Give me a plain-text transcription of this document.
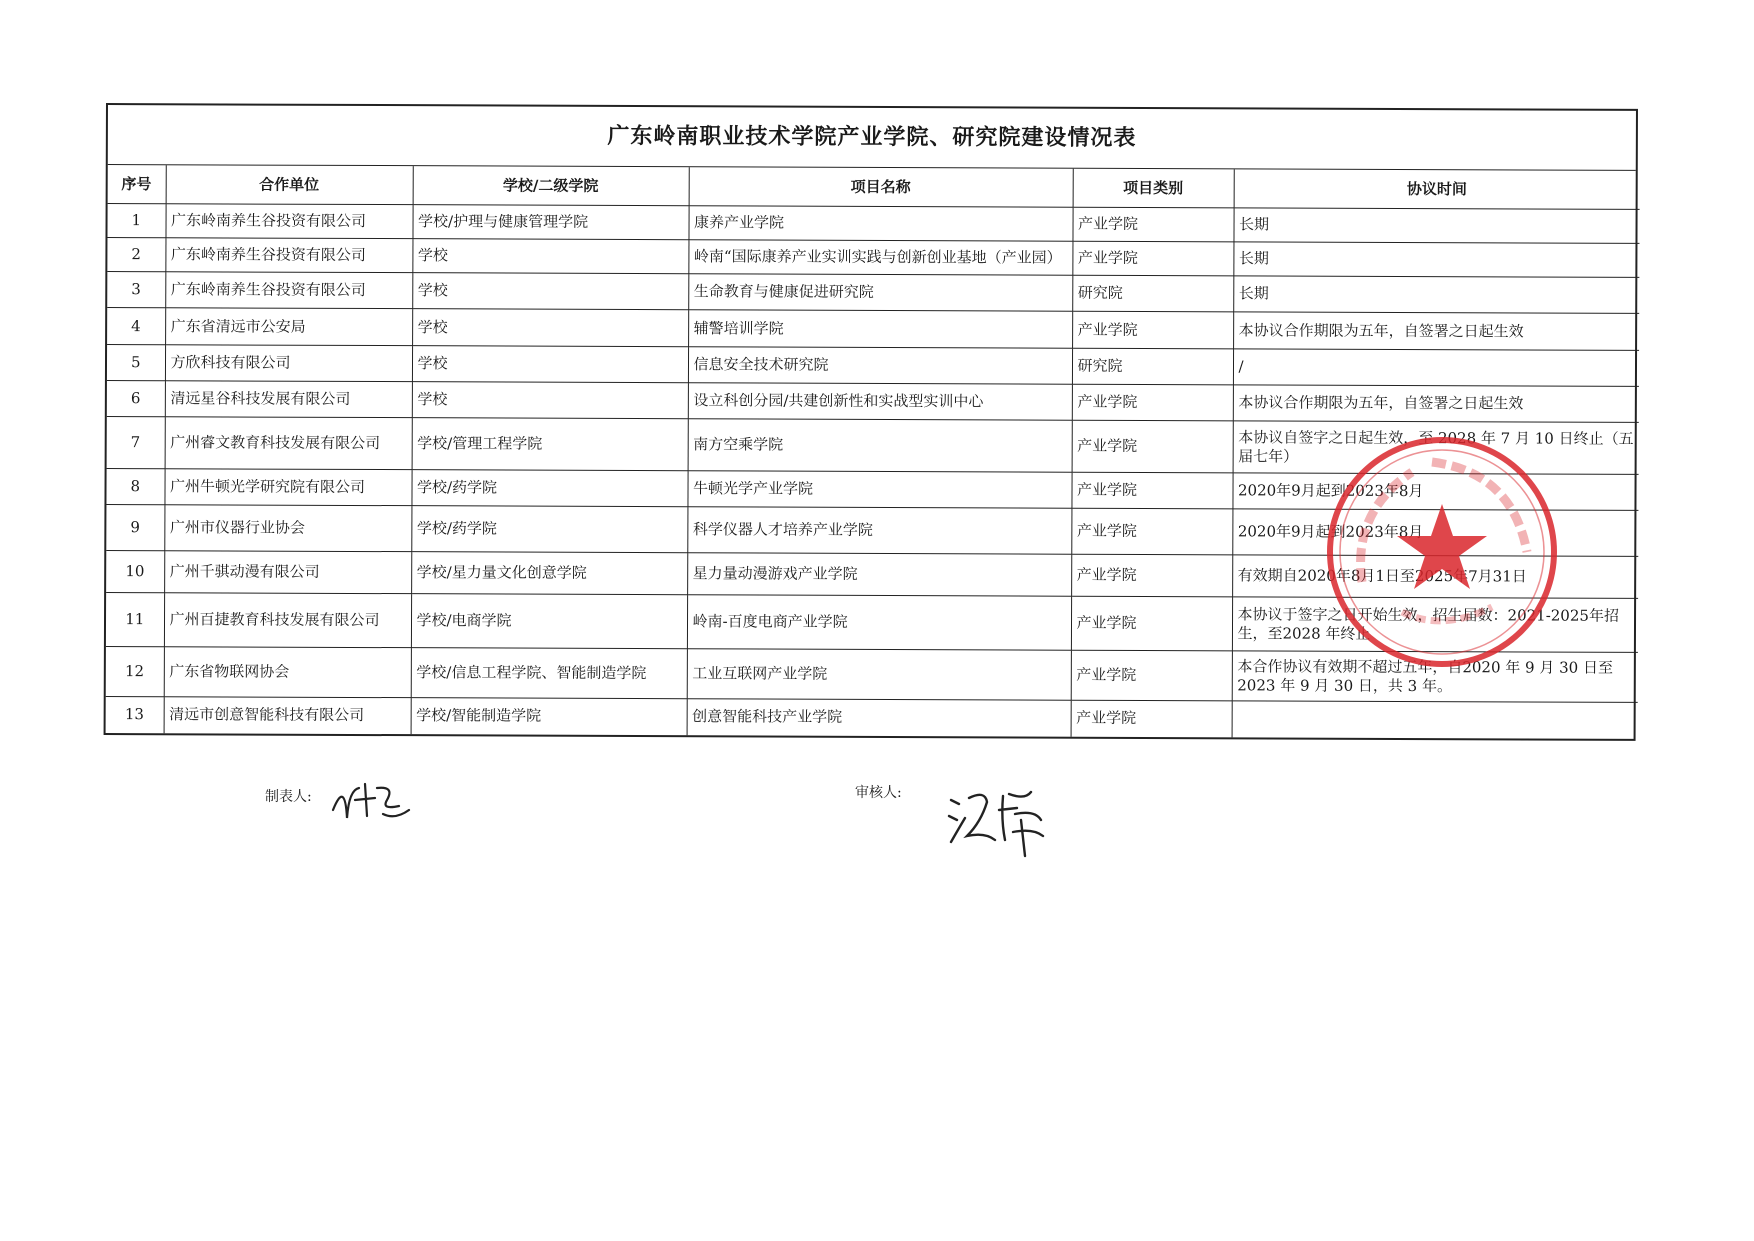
广东岭南职业技术学院产业学院、研究院建设情况表
序号	合作单位	学校/二级学院	项目名称	项目类别	协议时间
1	广东岭南养生谷投资有限公司	学校/护理与健康管理学院	康养产业学院	产业学院	长期
2	广东岭南养生谷投资有限公司	学校	岭南“国际康养产业实训实践与创新创业基地（产业园）	产业学院	长期
3	广东岭南养生谷投资有限公司	学校	生命教育与健康促进研究院	研究院	长期
4	广东省清远市公安局	学校	辅警培训学院	产业学院	本协议合作期限为五年，自签署之日起生效
5	方欣科技有限公司	学校	信息安全技术研究院	研究院	/
6	清远星谷科技发展有限公司	学校	设立科创分园/共建创新性和实战型实训中心	产业学院	本协议合作期限为五年，自签署之日起生效
7	广州睿文教育科技发展有限公司	学校/管理工程学院	南方空乘学院	产业学院	本协议自签字之日起生效，至 2028 年 7 月 10 日终止（五届七年）
8	广州牛顿光学研究院有限公司	学校/药学院	牛顿光学产业学院	产业学院	2020年9月起到2023年8月
9	广州市仪器行业协会	学校/药学院	科学仪器人才培养产业学院	产业学院	2020年9月起到2023年8月
10	广州千骐动漫有限公司	学校/星力量文化创意学院	星力量动漫游戏产业学院	产业学院	有效期自2020年8月1日至2025年7月31日
11	广州百捷教育科技发展有限公司	学校/电商学院	岭南-百度电商产业学院	产业学院	本协议于签字之日开始生效，招生届数：2021-2025年招生，至2028 年终止
12	广东省物联网协会	学校/信息工程学院、智能制造学院	工业互联网产业学院	产业学院	本合作协议有效期不超过五年，自2020 年 9 月 30 日至2023 年 9 月 30 日，共 3 年。
13	清远市创意智能科技有限公司	学校/智能制造学院	创意智能科技产业学院	产业学院	
制表人:	审核人:
